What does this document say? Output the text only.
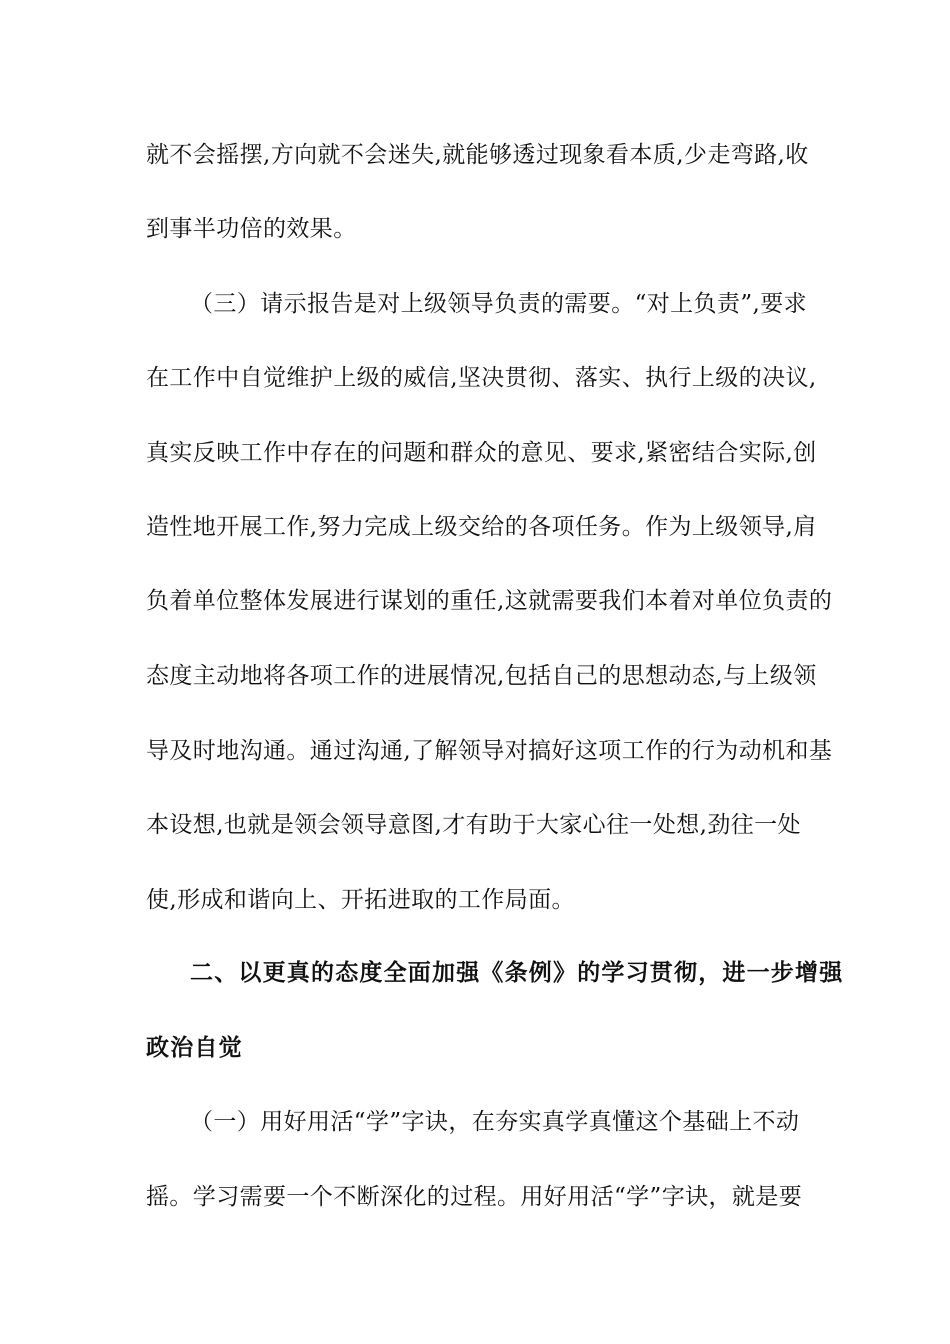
就不会摇摆,方向就不会迷失,就能够透过现象看本质,少走弯路,收
到事半功倍的效果。
（三）请示报告是对上级领导负责的需要。“对上负责”,要求
在工作中自觉维护上级的威信,坚决贯彻、落实、执行上级的决议,
真实反映工作中存在的问题和群众的意见、要求,紧密结合实际,创
造性地开展工作,努力完成上级交给的各项任务。作为上级领导,肩
负着单位整体发展进行谋划的重任,这就需要我们本着对单位负责的
态度主动地将各项工作的进展情况,包括自己的思想动态,与上级领
导及时地沟通。通过沟通,了解领导对搞好这项工作的行为动机和基
本设想,也就是领会领导意图,才有助于大家心往一处想,劲往一处
使,形成和谐向上、开拓进取的工作局面。
二、以更真的态度全面加强《条例》的学习贯彻，进一步增强
政治自觉
（一）用好用活“学”字诀，在夯实真学真懂这个基础上不动
摇。学习需要一个不断深化的过程。用好用活“学”字诀，就是要
